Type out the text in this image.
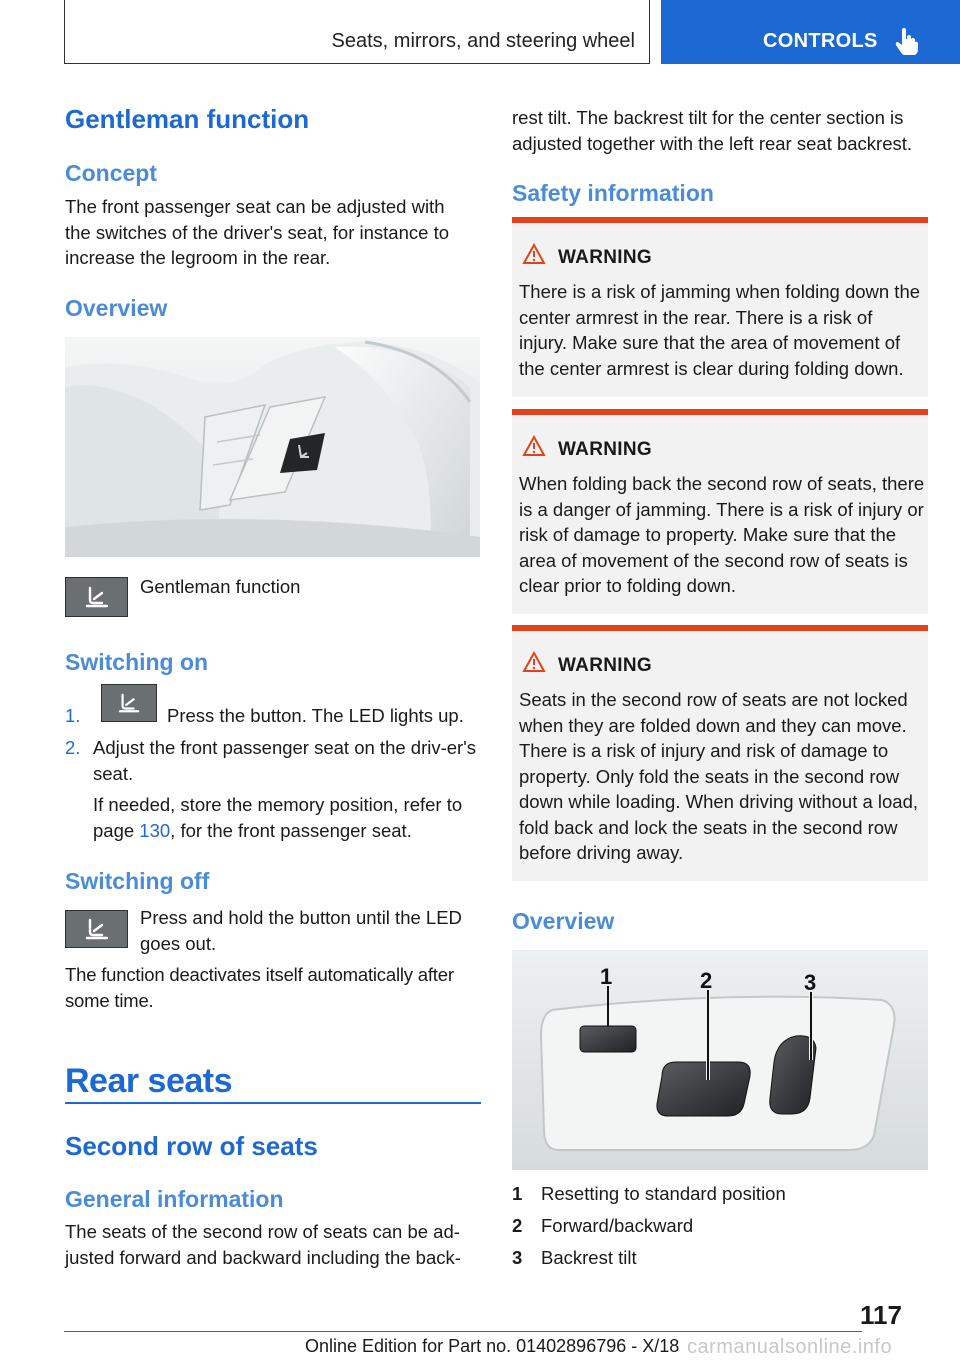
Seats, mirrors, and steering wheel	CONTROLS
Gentleman function
Concept
The front passenger seat can be adjusted with the switches of the driver's seat, for instance to increase the legroom in the rear.
Overview
Gentleman function
Switching on
1.	Press the button. The LED lights up.
2. Adjust the front passenger seat on the driv-er's seat.
If needed, store the memory position, refer to page 130, for the front passenger seat.
Switching off
Press and hold the button until the LED goes out.
The function deactivates itself automatically after some time.
Rear seats
Second row of seats
General information
The seats of the second row of seats can be ad-justed forward and backward including the back-
rest tilt. The backrest tilt for the center section is adjusted together with the left rear seat backrest.
Safety information
WARNING
There is a risk of jamming when folding down the center armrest in the rear. There is a risk of injury. Make sure that the area of movement of the center armrest is clear during folding down.
WARNING
When folding back the second row of seats, there is a danger of jamming. There is a risk of injury or risk of damage to property. Make sure that the area of movement of the second row of seats is clear prior to folding down.
WARNING
Seats in the second row of seats are not locked when they are folded down and they can move. There is a risk of injury and risk of damage to property. Only fold the seats in the second row down while loading. When driving without a load, fold back and lock the seats in the second row before driving away.
Overview
1	2	3
1 Resetting to standard position
2 Forward/backward
3 Backrest tilt
117
Online Edition for Part no. 01402896796 - X/18 carmanualsonline.info
